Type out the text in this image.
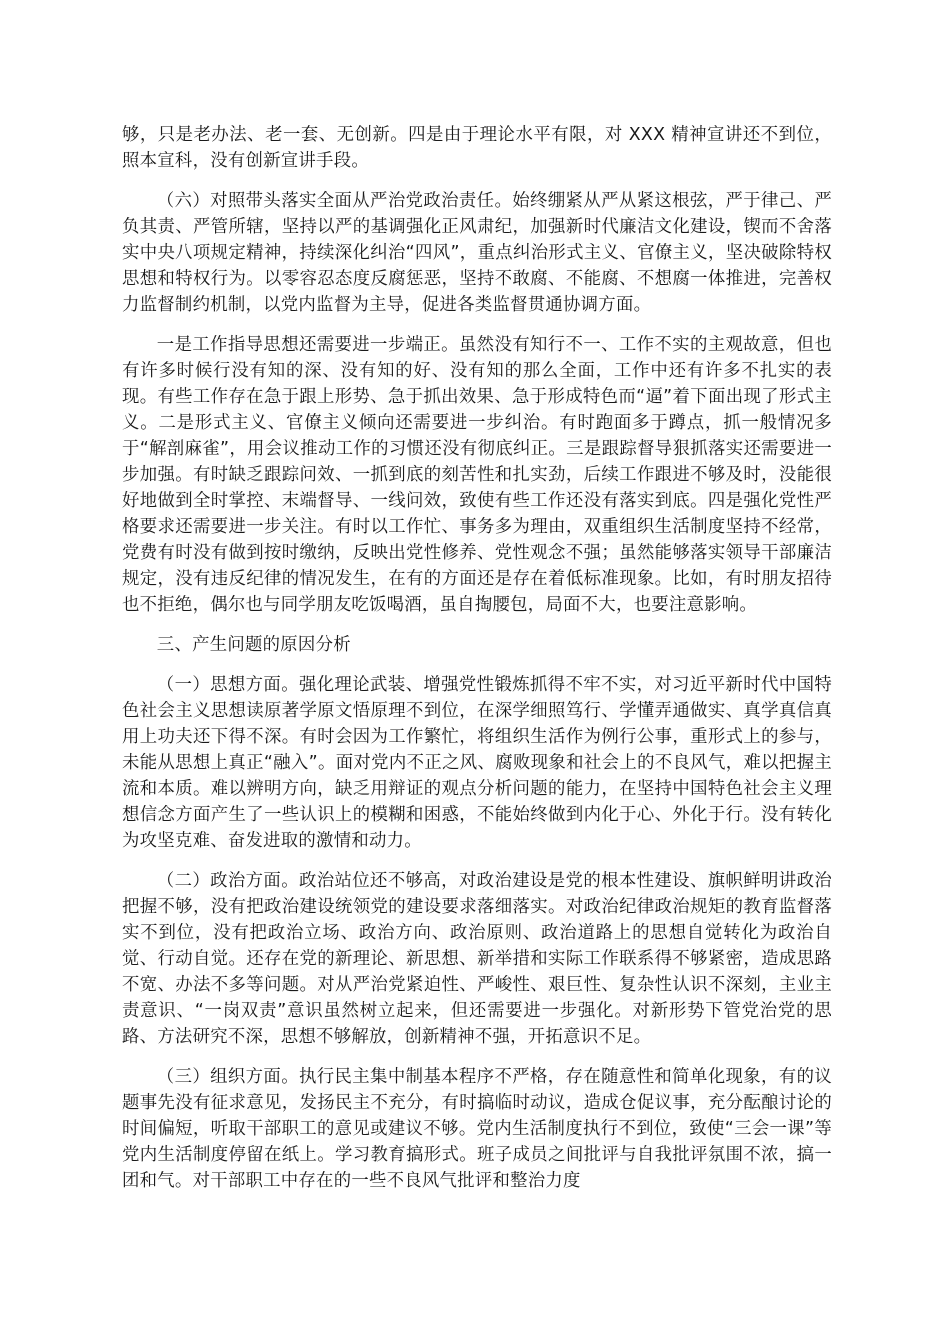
够，只是老办法、老一套、无创新。四是由于理论水平有限，对 XXX 精神宣讲还不到位，照本宣科，没有创新宣讲手段。

（六）对照带头落实全面从严治党政治责任。始终绷紧从严从紧这根弦，严于律己、严负其责、严管所辖，坚持以严的基调强化正风肃纪，加强新时代廉洁文化建设，锲而不舍落实中央八项规定精神，持续深化纠治“四风”，重点纠治形式主义、官僚主义，坚决破除特权思想和特权行为。以零容忍态度反腐惩恶，坚持不敢腐、不能腐、不想腐一体推进，完善权力监督制约机制，以党内监督为主导，促进各类监督贯通协调方面。

一是工作指导思想还需要进一步端正。虽然没有知行不一、工作不实的主观故意，但也有许多时候行没有知的深、没有知的好、没有知的那么全面，工作中还有许多不扎实的表现。有些工作存在急于跟上形势、急于抓出效果、急于形成特色而“逼”着下面出现了形式主义。二是形式主义、官僚主义倾向还需要进一步纠治。有时跑面多于蹲点，抓一般情况多于“解剖麻雀”，用会议推动工作的习惯还没有彻底纠正。三是跟踪督导狠抓落实还需要进一步加强。有时缺乏跟踪问效、一抓到底的刻苦性和扎实劲，后续工作跟进不够及时，没能很好地做到全时掌控、末端督导、一线问效，致使有些工作还没有落实到底。四是强化党性严格要求还需要进一步关注。有时以工作忙、事务多为理由，双重组织生活制度坚持不经常，党费有时没有做到按时缴纳，反映出党性修养、党性观念不强；虽然能够落实领导干部廉洁规定，没有违反纪律的情况发生，在有的方面还是存在着低标准现象。比如，有时朋友招待也不拒绝，偶尔也与同学朋友吃饭喝酒，虽自掏腰包，局面不大，也要注意影响。

三、产生问题的原因分析

（一）思想方面。强化理论武装、增强党性锻炼抓得不牢不实，对习近平新时代中国特色社会主义思想读原著学原文悟原理不到位，在深学细照笃行、学懂弄通做实、真学真信真用上功夫还下得不深。有时会因为工作繁忙，将组织生活作为例行公事，重形式上的参与，未能从思想上真正“融入”。面对党内不正之风、腐败现象和社会上的不良风气，难以把握主流和本质。难以辨明方向，缺乏用辩证的观点分析问题的能力，在坚持中国特色社会主义理想信念方面产生了一些认识上的模糊和困惑，不能始终做到内化于心、外化于行。没有转化为攻坚克难、奋发进取的激情和动力。

（二）政治方面。政治站位还不够高，对政治建设是党的根本性建设、旗帜鲜明讲政治把握不够，没有把政治建设统领党的建设要求落细落实。对政治纪律政治规矩的教育监督落实不到位，没有把政治立场、政治方向、政治原则、政治道路上的思想自觉转化为政治自觉、行动自觉。还存在党的新理论、新思想、新举措和实际工作联系得不够紧密，造成思路不宽、办法不多等问题。对从严治党紧迫性、严峻性、艰巨性、复杂性认识不深刻，主业主责意识、“一岗双责”意识虽然树立起来，但还需要进一步强化。对新形势下管党治党的思路、方法研究不深，思想不够解放，创新精神不强，开拓意识不足。

（三）组织方面。执行民主集中制基本程序不严格，存在随意性和简单化现象，有的议题事先没有征求意见，发扬民主不充分，有时搞临时动议，造成仓促议事，充分酝酿讨论的时间偏短，听取干部职工的意见或建议不够。党内生活制度执行不到位，致使“三会一课”等党内生活制度停留在纸上。学习教育搞形式。班子成员之间批评与自我批评氛围不浓，搞一团和气。对干部职工中存在的一些不良风气批评和整治力度
